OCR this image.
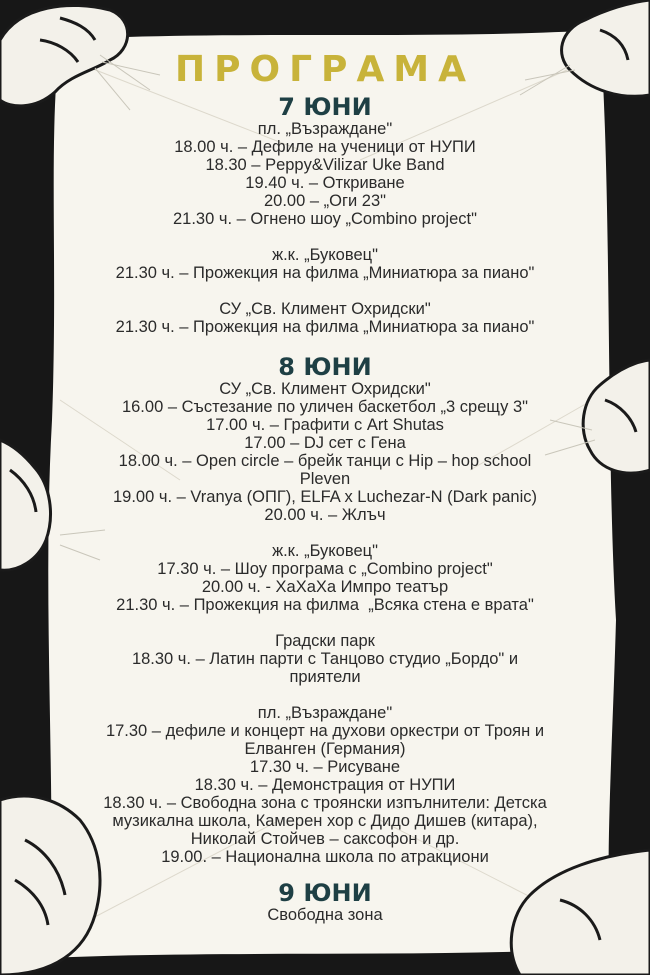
ПРОГРАМА
7 ЮНИ
пл. „Възраждане"
18.00 ч. – Дефиле на ученици от НУПИ
18.30 – Peppy&Vilizar Uke Band
19.40 ч. – Откриване
20.00 – „Оги 23"
21.30 ч. – Огнено шоу „Combino project"
ж.к. „Буковец"
21.30 ч. – Прожекция на филма „Миниатюра за пиано"
СУ „Св. Климент Охридски"
21.30 ч. – Прожекция на филма „Миниатюра за пиано"
8 ЮНИ
СУ „Св. Климент Охридски"
16.00 – Състезание по уличен баскетбол „3 срещу 3"
17.00 ч. – Графити с Art Shutas
17.00 – DJ сет с Гена
18.00 ч. – Open circle – брейк танци с Hip – hop school
Pleven
19.00 ч. – Vranya (ОПГ), ELFA x Luchezar-N (Dark panic)
20.00 ч. – Жлъч
ж.к. „Буковец"
17.30 ч. – Шоу програма с „Combino project"
20.00 ч. - ХаХаХа Импро театър
21.30 ч. – Прожекция на филма  „Всяка стена е врата"
Градски парк
18.30 ч. – Латин парти с Танцово студио „Бордо" и
приятели
пл. „Възраждане"
17.30 – дефиле и концерт на духови оркестри от Троян и
Елванген (Германия)
17.30 ч. – Рисуване
18.30 ч. – Демонстрация от НУПИ
18.30 ч. – Свободна зона с троянски изпълнители: Детска
музикална школа, Камерен хор с Дидо Дишев (китара),
Николай Стойчев – саксофон и др.
19.00. – Национална школа по атракциони
9 ЮНИ
Свободна зона
